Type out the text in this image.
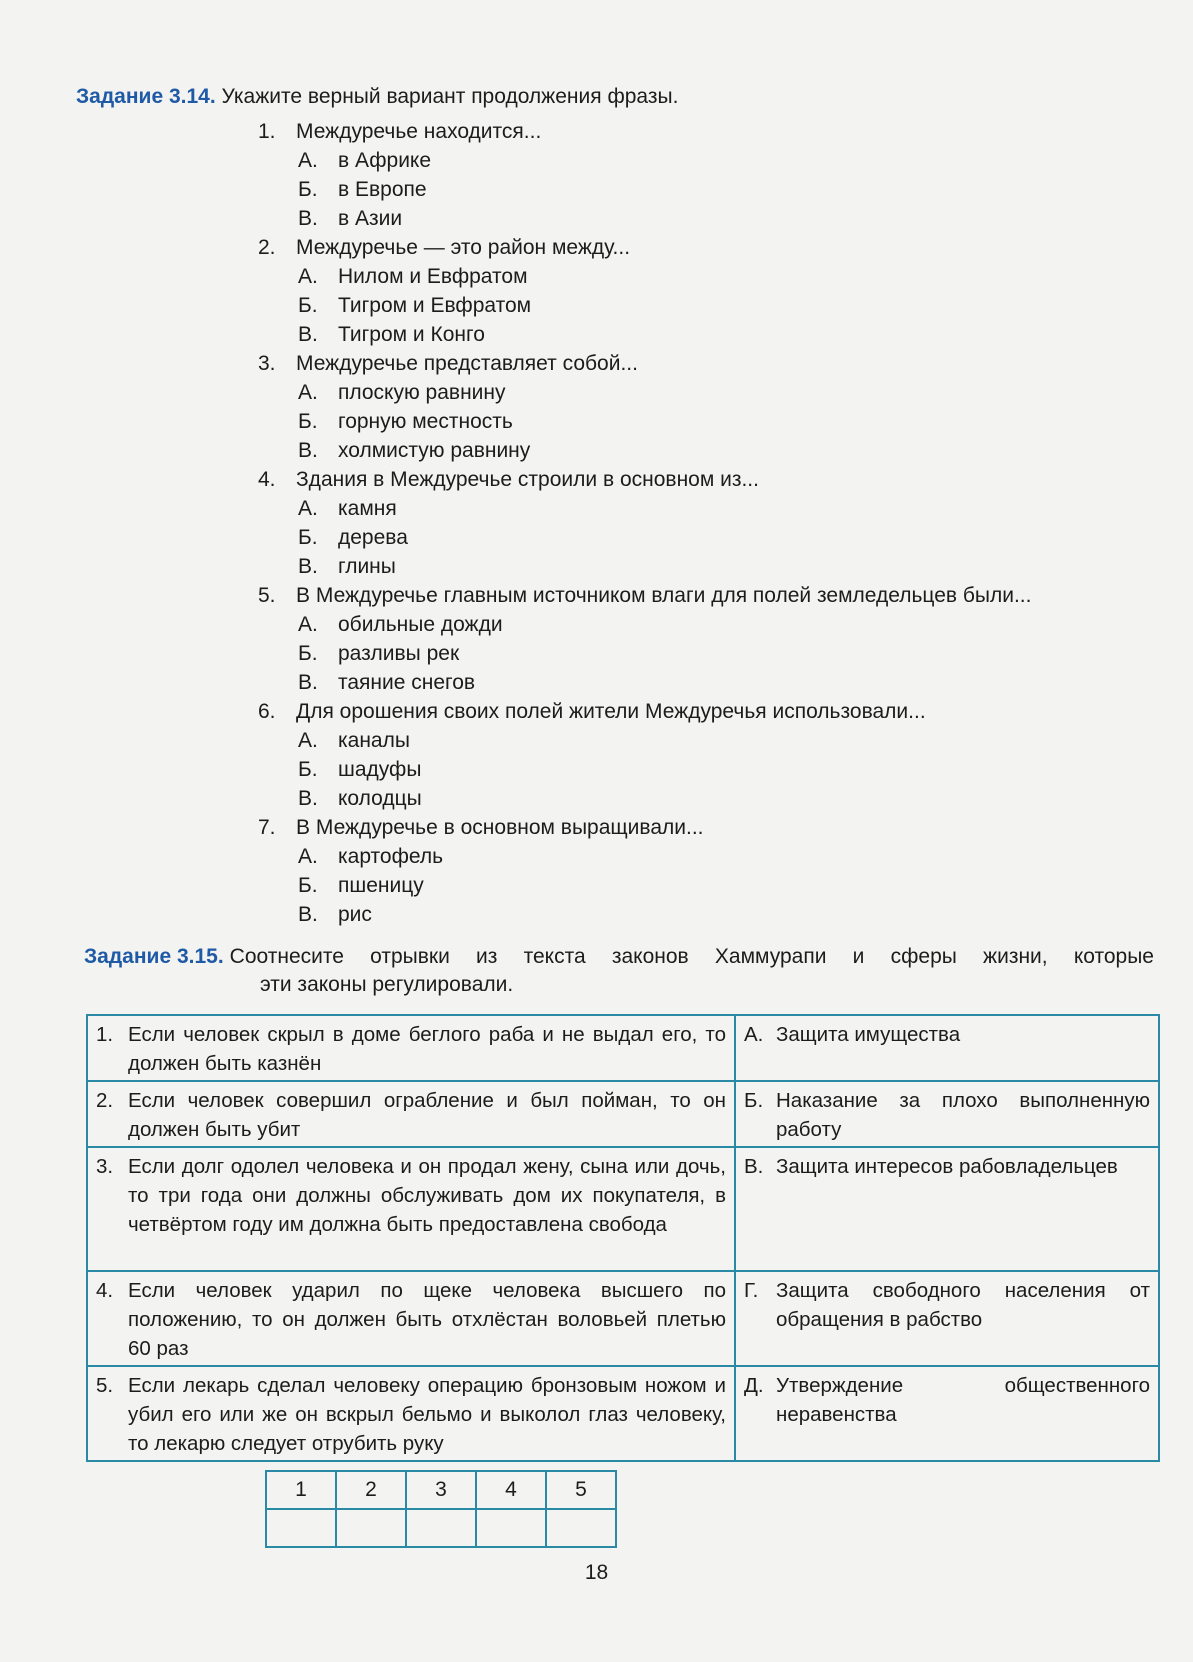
Задание 3.14. Укажите верный вариант продолжения фразы.
1. Междуречье находится...
А. в Африке
Б. в Европе
В. в Азии
2. Междуречье — это район между...
А. Нилом и Евфратом
Б. Тигром и Евфратом
В. Тигром и Конго
3. Междуречье представляет собой...
А. плоскую равнину
Б. горную местность
В. холмистую равнину
4. Здания в Междуречье строили в основном из...
А. камня
Б. дерева
В. глины
5. В Междуречье главным источником влаги для полей земледельцев были...
А. обильные дожди
Б. разливы рек
В. таяние снегов
6. Для орошения своих полей жители Междуречья использовали...
А. каналы
Б. шадуфы
В. колодцы
7. В Междуречье в основном выращивали...
А. картофель
Б. пшеницу
В. рис
Задание 3.15. Соотнесите отрывки из текста законов Хаммурапи и сферы жизни, которые
эти законы регулировали.
1. Если человек скрыл в доме беглого раба и не выдал его, то должен быть казнён	А. Защита имущества

2. Если человек совершил ограбление и был пойман, то он должен быть убит	Б. Наказание за плохо выполненную работу

3. Если долг одолел человека и он продал жену, сына или дочь, то три года они должны обслуживать дом их покупателя, в четвёртом году им должна быть предоставлена свобода	В. Защита интересов рабовладельцев

4. Если человек ударил по щеке человека высшего по положению, то он должен быть отхлёстан воловьей плетью 60 раз	Г. Защита свободного населения от обращения в рабство

5. Если лекарь сделал человеку операцию бронзовым ножом и убил его или же он вскрыл бельмо и выколол глаз человеку, то лекарю следует отрубить руку	Д. Утверждение общественного неравенства
1	2	3	4	5

18
